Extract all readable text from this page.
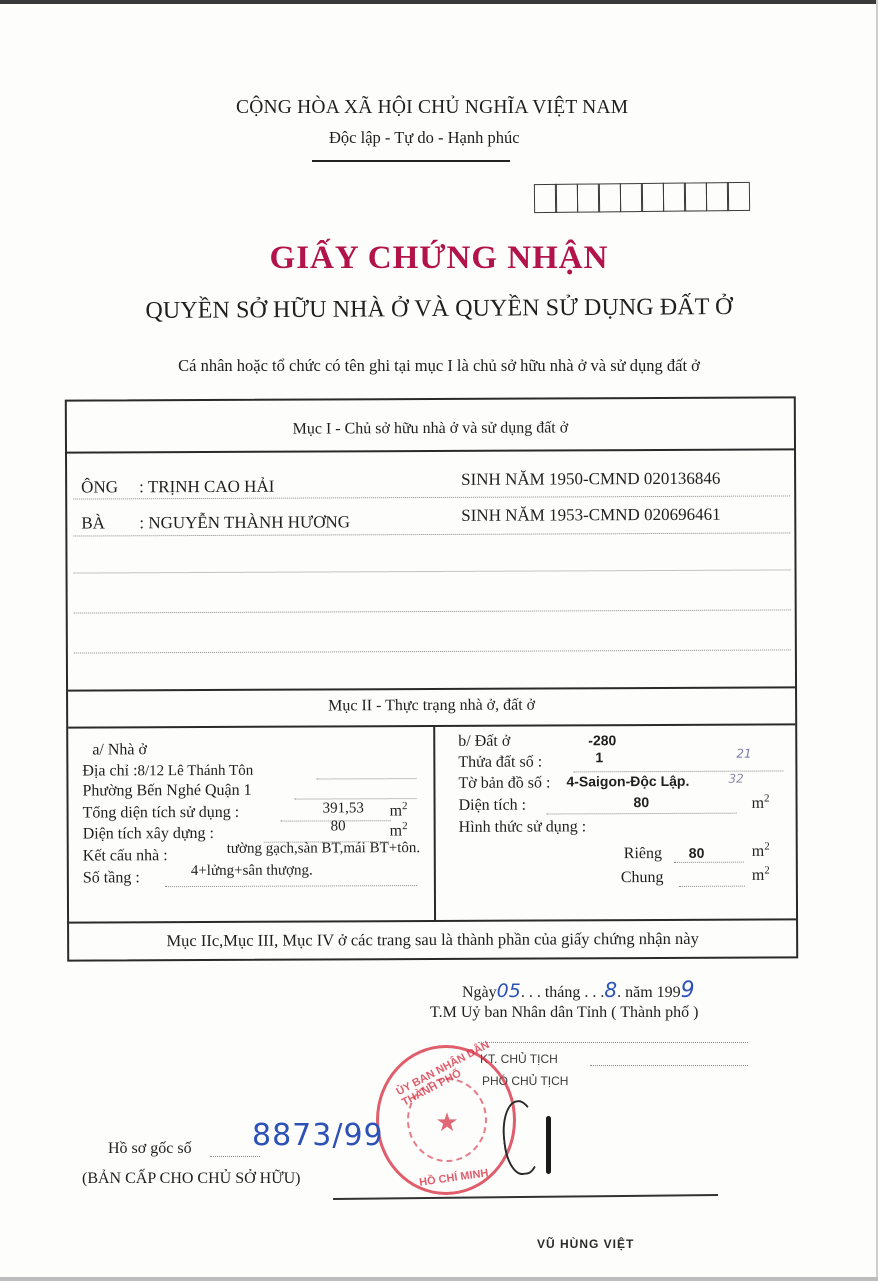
CỘNG HÒA XÃ HỘI CHỦ NGHĨA VIỆT NAM
Độc lập - Tự do - Hạnh phúc
GIẤY CHỨNG NHẬN
QUYỀN SỞ HỮU NHÀ Ở VÀ QUYỀN SỬ DỤNG ĐẤT Ở
Cá nhân hoặc tổ chức có tên ghi tại mục I là chủ sở hữu nhà ở và sử dụng đất ở
Mục I - Chủ sở hữu nhà ở và sử dụng đất ở
ÔNG : TRỊNH CAO HẢI	SINH NĂM 1950-CMND 020136846
BÀ : NGUYỄN THÀNH HƯƠNG	SINH NĂM 1953-CMND 020696461
Mục II - Thực trạng nhà ở, đất ở
a/ Nhà ở
Địa chỉ :8/12 Lê Thánh Tôn
Phường Bến Nghé Quận 1
Tổng diện tích sử dụng :	391,53 $m^2$
Diện tích xây dựng :	80	$m^2$
Kết cấu nhà :	tường gạch,sàn BT,mái BT+tôn.
Số tầng :	4+lửng+sân thượng.
b/ Đất ở	-280
Thửa đất số :	1	21
Tờ bản đồ số : 4-Saigon-Độc Lập.	32
Diện tích :	80	$m^2$
Hình thức sử dụng :
Riêng 80	$m^2$
Chung	$m^2$
Mục IIc,Mục III, Mục IV ở các trang sau là thành phần của giấy chứng nhận này
Ngày05. . . tháng . . .8. năm 1999
T.M Uỷ ban Nhân dân Tỉnh ( Thành phố )
KT. CHỦ TỊCH
PHÓ CHỦ TỊCH
★
ỦY BAN NHÂN DÂN THÀNH PHỐ
HỒ CHÍ MINH
VŨ HÙNG VIỆT
Hồ sơ gốc số 8873/99
(BẢN CẤP CHO CHỦ SỞ HỮU)
